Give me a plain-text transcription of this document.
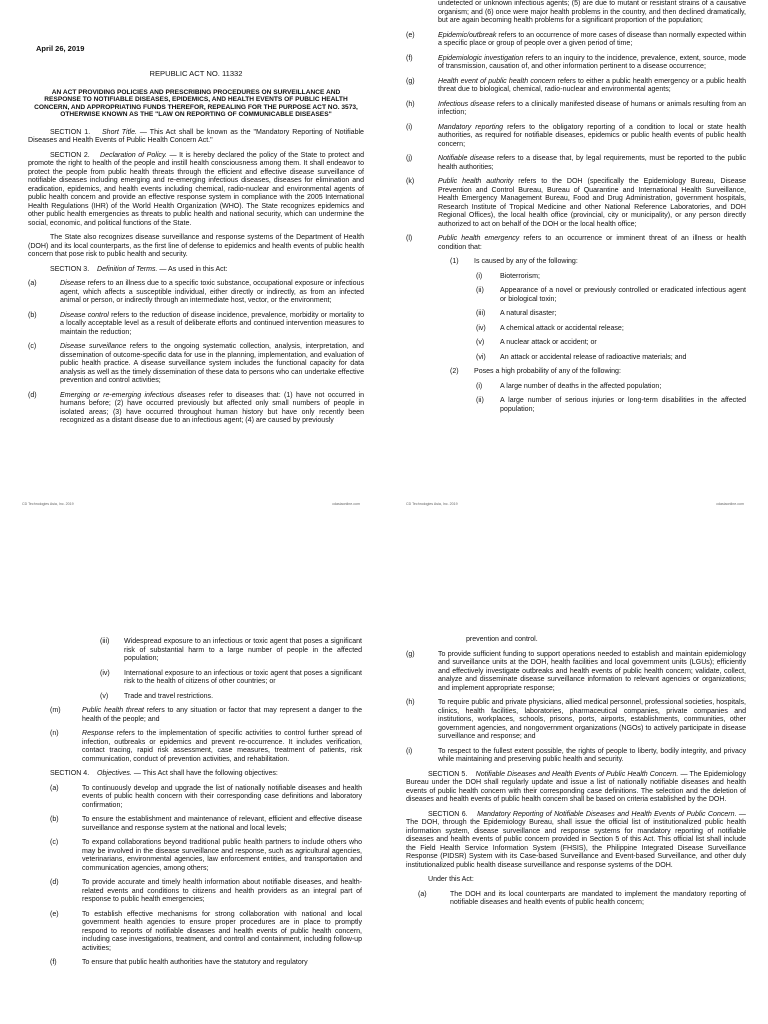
April 26, 2019
REPUBLIC ACT NO. 11332
AN ACT PROVIDING POLICIES AND PRESCRIBING PROCEDURES ON SURVEILLANCE AND RESPONSE TO NOTIFIABLE DISEASES, EPIDEMICS, AND HEALTH EVENTS OF PUBLIC HEALTH CONCERN, AND APPROPRIATING FUNDS THEREFOR, REPEALING FOR THE PURPOSE ACT NO. 3573, OTHERWISE KNOWN AS THE "LAW ON REPORTING OF COMMUNICABLE DISEASES"

SECTION 1. Short Title. — This Act shall be known as the "Mandatory Reporting of Notifiable Diseases and Health Events of Public Health Concern Act."

SECTION 2. Declaration of Policy. — It is hereby declared the policy of the State to protect and promote the right to health of the people and instill health consciousness among them. It shall endeavor to protect the people from public health threats through the efficient and effective disease surveillance of notifiable diseases including emerging and re-emerging infectious diseases, diseases for elimination and eradication, epidemics, and health events including chemical, radio-nuclear and environmental agents of public health concern and provide an effective response system in compliance with the 2005 International Health Regulations (IHR) of the World Health Organization (WHO). The State recognizes epidemics and other public health emergencies as threats to public health and national security, which can undermine the social, economic, and political functions of the State.

The State also recognizes disease surveillance and response systems of the Department of Health (DOH) and its local counterparts, as the first line of defense to epidemics and health events of public health concern that pose risk to public health and security.

SECTION 3. Definition of Terms. — As used in this Act:

(a)	Disease refers to an illness due to a specific toxic substance, occupational exposure or infectious agent, which affects a susceptible individual, either directly or indirectly, as from an infected animal or person, or indirectly through an intermediate host, vector, or the environment;
(b)	Disease control refers to the reduction of disease incidence, prevalence, morbidity or mortality to a locally acceptable level as a result of deliberate efforts and continued intervention measures to maintain the reduction;
(c)	Disease surveillance refers to the ongoing systematic collection, analysis, interpretation, and dissemination of outcome-specific data for use in the planning, implementation, and evaluation of public health practice. A disease surveillance system includes the functional capacity for data analysis as well as the timely dissemination of these data to persons who can undertake effective prevention and control activities;
(d)	Emerging or re-emerging infectious diseases refer to diseases that: (1) have not occurred in humans before; (2) have occurred previously but affected only small numbers of people in isolated areas; (3) have occurred throughout human history but have only recently been recognized as a distant disease due to an infectious agent; (4) are caused by previously
CD Technologies Asia, Inc. 2019	cdasiaonline.com
undetected or unknown infectious agents; (5) are due to mutant or resistant strains of a causative organism; and (6) once were major health problems in the country, and then declined dramatically, but are again becoming health problems for a significant proportion of the population;
(e)	Epidemic/outbreak refers to an occurrence of more cases of disease than normally expected within a specific place or group of people over a given period of time;
(f)	Epidemiologic investigation refers to an inquiry to the incidence, prevalence, extent, source, mode of transmission, causation of, and other information pertinent to a disease occurrence;
(g)	Health event of public health concern refers to either a public health emergency or a public health threat due to biological, chemical, radio-nuclear and environmental agents;
(h)	Infectious disease refers to a clinically manifested disease of humans or animals resulting from an infection;
(i)	Mandatory reporting refers to the obligatory reporting of a condition to local or state health authorities, as required for notifiable diseases, epidemics or public health events of public health concern;
(j)	Notifiable disease refers to a disease that, by legal requirements, must be reported to the public health authorities;
(k)	Public health authority refers to the DOH (specifically the Epidemiology Bureau, Disease Prevention and Control Bureau, Bureau of Quarantine and International Health Surveillance, Health Emergency Management Bureau, Food and Drug Administration, government hospitals, Research Institute of Tropical Medicine and other National Reference Laboratories, and DOH Regional Offices), the local health office (provincial, city or municipality), or any person directly authorized to act on behalf of the DOH or the local health office;
(l)	Public health emergency refers to an occurrence or imminent threat of an illness or health condition that:
(1)	Is caused by any of the following:
(i)	Bioterrorism;
(ii)	Appearance of a novel or previously controlled or eradicated infectious agent or biological toxin;
(iii)	A natural disaster;
(iv)	A chemical attack or accidental release;
(v)	A nuclear attack or accident; or
(vi)	An attack or accidental release of radioactive materials; and
(2)	Poses a high probability of any of the following:
(i)	A large number of deaths in the affected population;
(ii)	A large number of serious injuries or long-term disabilities in the affected population;
CD Technologies Asia, Inc. 2019	cdasiaonline.com
(iii)	Widespread exposure to an infectious or toxic agent that poses a significant risk of substantial harm to a large number of people in the affected population;
(iv)	International exposure to an infectious or toxic agent that poses a significant risk to the health of citizens of other countries; or
(v)	Trade and travel restrictions.
(m)	Public health threat refers to any situation or factor that may represent a danger to the health of the people; and
(n)	Response refers to the implementation of specific activities to control further spread of infection, outbreaks or epidemics and prevent re-occurrence. It includes verification, contact tracing, rapid risk assessment, case measures, treatment of patients, risk communication, conduct of prevention activities, and rehabilitation.

SECTION 4. Objectives. — This Act shall have the following objectives:

(a)	To continuously develop and upgrade the list of nationally notifiable diseases and health events of public health concern with their corresponding case definitions and laboratory confirmation;
(b)	To ensure the establishment and maintenance of relevant, efficient and effective disease surveillance and response system at the national and local levels;
(c)	To expand collaborations beyond traditional public health partners to include others who may be involved in the disease surveillance and response, such as agricultural agencies, veterinarians, environmental agencies, law enforcement entities, and transportation and communication agencies, among others;
(d)	To provide accurate and timely health information about notifiable diseases, and health-related events and conditions to citizens and health providers as an integral part of response to public health emergencies;
(e)	To establish effective mechanisms for strong collaboration with national and local government health agencies to ensure proper procedures are in place to promptly respond to reports of notifiable diseases and health events of public health concern, including case investigations, treatment, and control and containment, including follow-up activities;
(f)	To ensure that public health authorities have the statutory and regulatory
prevention and control.
(g)	To provide sufficient funding to support operations needed to establish and maintain epidemiology and surveillance units at the DOH, health facilities and local government units (LGUs); efficiently and effectively investigate outbreaks and health events of public health concern; validate, collect, analyze and disseminate disease surveillance information to relevant agencies or organizations; and implement appropriate response;
(h)	To require public and private physicians, allied medical personnel, professional societies, hospitals, clinics, health facilities, laboratories, pharmaceutical companies, private companies and institutions, workplaces, schools, prisons, ports, airports, establishments, communities, other government agencies, and nongovernment organizations (NGOs) to actively participate in disease surveillance and response; and
(i)	To respect to the fullest extent possible, the rights of people to liberty, bodily integrity, and privacy while maintaining and preserving public health and security.

SECTION 5. Notifiable Diseases and Health Events of Public Health Concern. — The Epidemiology Bureau under the DOH shall regularly update and issue a list of nationally notifiable diseases and health events of public health concern with their corresponding case definitions. The selection and the deletion of diseases and health events of public health concern shall be based on criteria established by the DOH.

SECTION 6. Mandatory Reporting of Notifiable Diseases and Health Events of Public Concern. — The DOH, through the Epidemiology Bureau, shall issue the official list of institutionalized public health information system, disease surveillance and response systems for mandatory reporting of notifiable diseases and health events of public concern provided in Section 5 of this Act. This official list shall include the Field Health Service Information System (FHSIS), the Philippine Integrated Disease Surveillance Response (PIDSR) System with its Case-based Surveillance and Event-based Surveillance, and other duly institutionalized public health disease surveillance and response systems of the DOH.

Under this Act:

(a)	The DOH and its local counterparts are mandated to implement the mandatory reporting of notifiable diseases and health events of public health concern;
